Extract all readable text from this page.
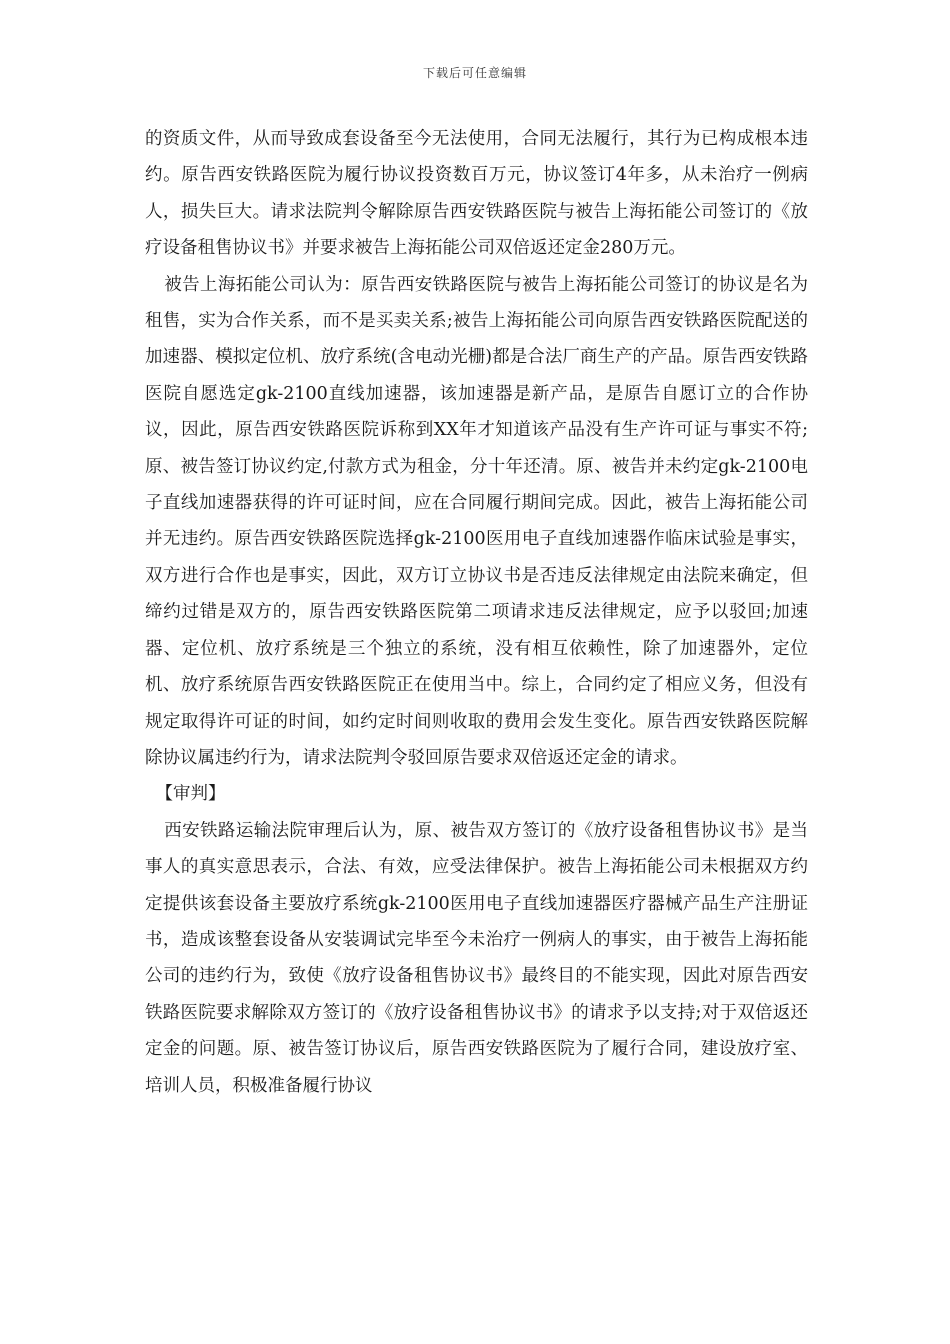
下载后可任意编辑

的资质文件，从而导致成套设备至今无法使用，合同无法履行，其行为已构成根本违约。原告西安铁路医院为履行协议投资数百万元，协议签订4年多，从未治疗一例病人，损失巨大。请求法院判令解除原告西安铁路医院与被告上海拓能公司签订的《放疗设备租售协议书》并要求被告上海拓能公司双倍返还定金280万元。

被告上海拓能公司认为：原告西安铁路医院与被告上海拓能公司签订的协议是名为租售，实为合作关系，而不是买卖关系;被告上海拓能公司向原告西安铁路医院配送的加速器、模拟定位机、放疗系统(含电动光栅)都是合法厂商生产的产品。原告西安铁路医院自愿选定gk-2100直线加速器，该加速器是新产品，是原告自愿订立的合作协议，因此，原告西安铁路医院诉称到XX年才知道该产品没有生产许可证与事实不符;原、被告签订协议约定,付款方式为租金，分十年还清。原、被告并未约定gk-2100电子直线加速器获得的许可证时间，应在合同履行期间完成。因此，被告上海拓能公司并无违约。原告西安铁路医院选择gk-2100医用电子直线加速器作临床试验是事实，双方进行合作也是事实，因此，双方订立协议书是否违反法律规定由法院来确定，但缔约过错是双方的，原告西安铁路医院第二项请求违反法律规定，应予以驳回;加速器、定位机、放疗系统是三个独立的系统，没有相互依赖性，除了加速器外，定位机、放疗系统原告西安铁路医院正在使用当中。综上，合同约定了相应义务，但没有规定取得许可证的时间，如约定时间则收取的费用会发生变化。原告西安铁路医院解除协议属违约行为，请求法院判令驳回原告要求双倍返还定金的请求。

【审判】

西安铁路运输法院审理后认为，原、被告双方签订的《放疗设备租售协议书》是当事人的真实意思表示，合法、有效，应受法律保护。被告上海拓能公司未根据双方约定提供该套设备主要放疗系统gk-2100医用电子直线加速器医疗器械产品生产注册证书，造成该整套设备从安装调试完毕至今未治疗一例病人的事实，由于被告上海拓能公司的违约行为，致使《放疗设备租售协议书》最终目的不能实现，因此对原告西安铁路医院要求解除双方签订的《放疗设备租售协议书》的请求予以支持;对于双倍返还定金的问题。原、被告签订协议后，原告西安铁路医院为了履行合同，建设放疗室、培训人员，积极准备履行协议
